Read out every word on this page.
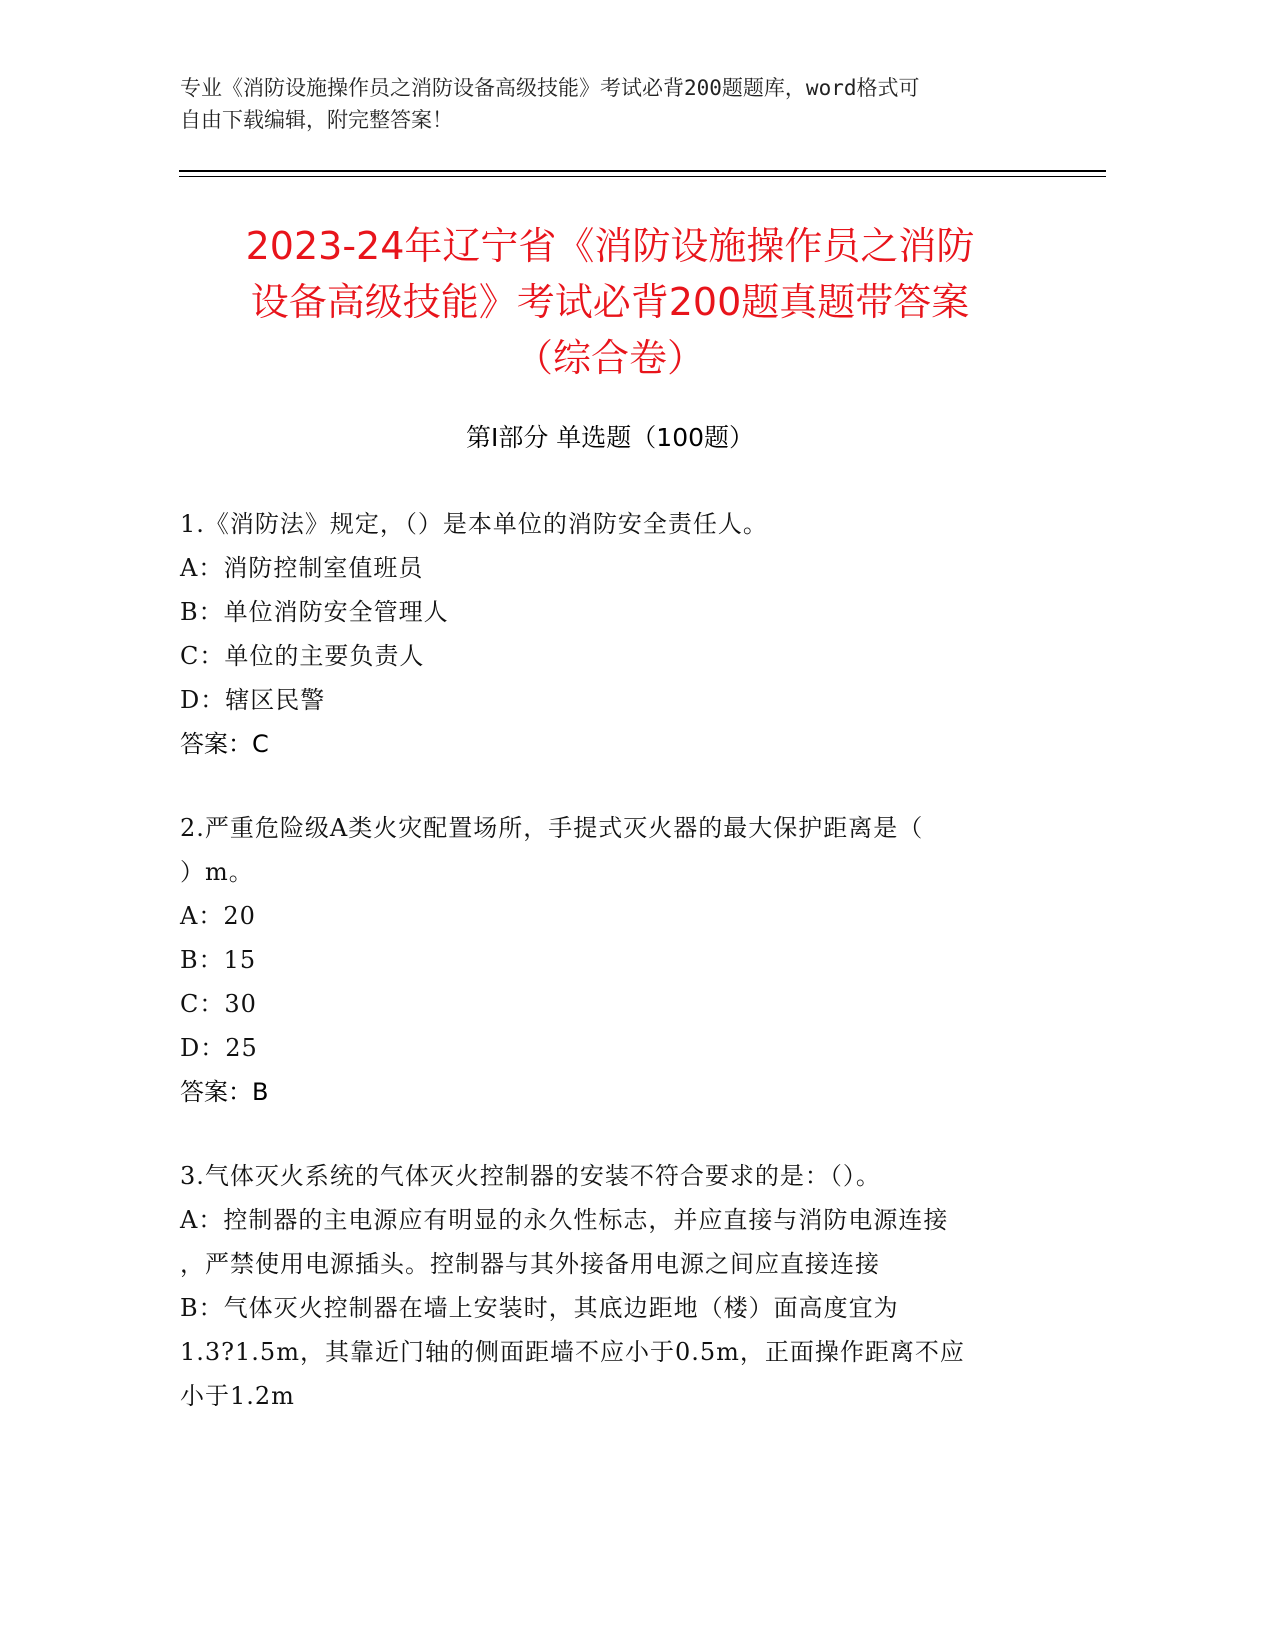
专业《消防设施操作员之消防设备高级技能》考试必背200题题库，word格式可
自由下载编辑，附完整答案！
2023-24年辽宁省《消防设施操作员之消防
设备高级技能》考试必背200题真题带答案
（综合卷）
第Ⅰ部分 单选题（100题）
1.《消防法》规定，（）是本单位的消防安全责任人。
A：消防控制室值班员
B：单位消防安全管理人
C：单位的主要负责人
D：辖区民警
答案：C
2.严重危险级A类火灾配置场所，手提式灭火器的最大保护距离是（
）m。
A：20
B：15
C：30
D：25
答案：B
3.气体灭火系统的气体灭火控制器的安装不符合要求的是：（）。
A：控制器的主电源应有明显的永久性标志，并应直接与消防电源连接
，严禁使用电源插头。控制器与其外接备用电源之间应直接连接
B：气体灭火控制器在墙上安装时，其底边距地（楼）面高度宜为
1.3?1.5m，其靠近门轴的侧面距墙不应小于0.5m，正面操作距离不应
小于1.2m
